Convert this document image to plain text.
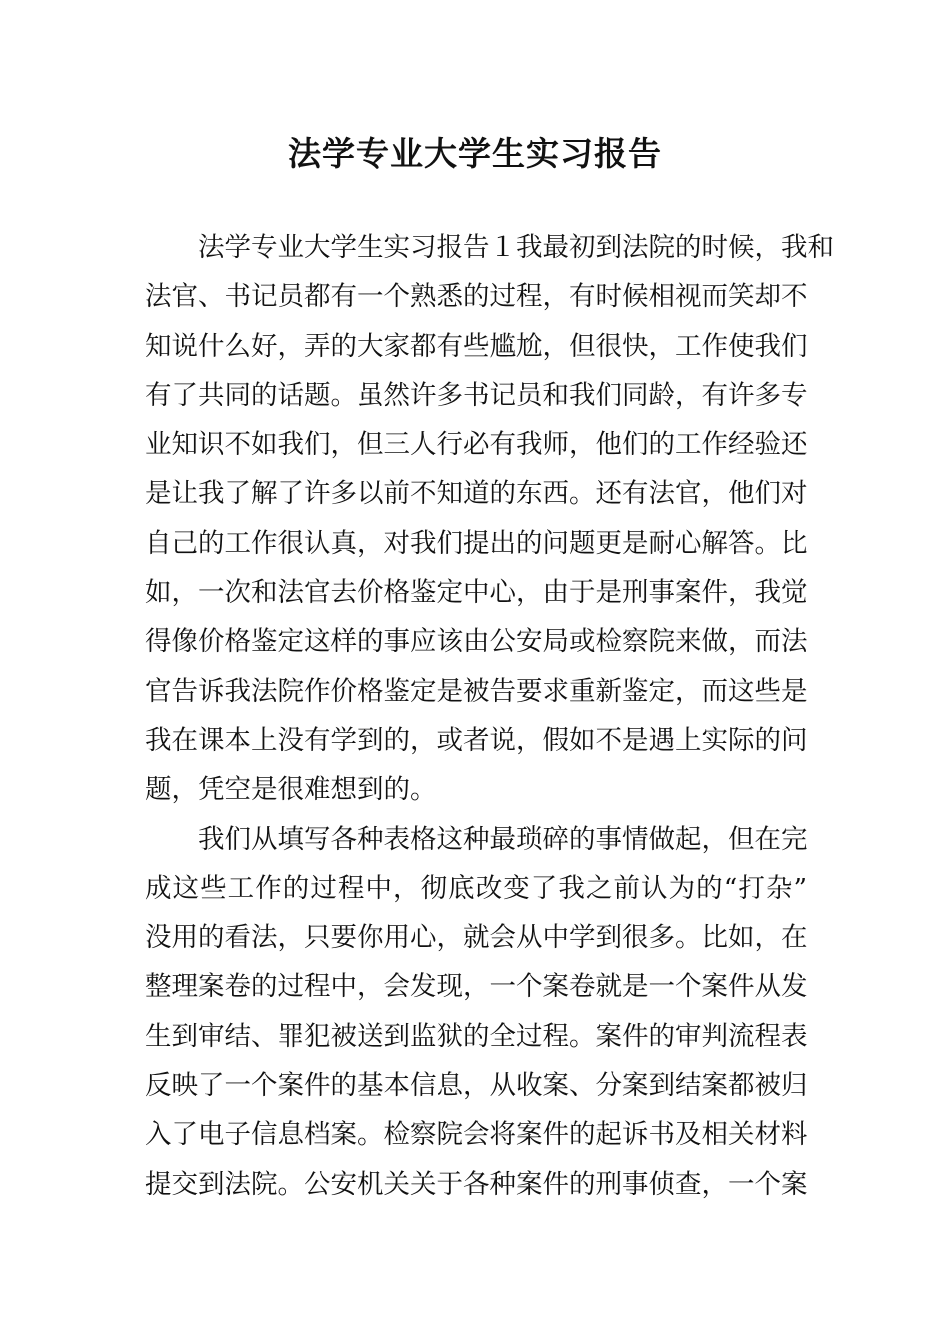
法学专业大学生实习报告
法学专业大学生实习报告１我最初到法院的时候，我和
法官、书记员都有一个熟悉的过程，有时候相视而笑却不
知说什么好，弄的大家都有些尴尬，但很快，工作使我们
有了共同的话题。虽然许多书记员和我们同龄，有许多专
业知识不如我们，但三人行必有我师，他们的工作经验还
是让我了解了许多以前不知道的东西。还有法官，他们对
自己的工作很认真，对我们提出的问题更是耐心解答。比
如，一次和法官去价格鉴定中心，由于是刑事案件，我觉
得像价格鉴定这样的事应该由公安局或检察院来做，而法
官告诉我法院作价格鉴定是被告要求重新鉴定，而这些是
我在课本上没有学到的，或者说，假如不是遇上实际的问
题，凭空是很难想到的。
我们从填写各种表格这种最琐碎的事情做起，但在完
成这些工作的过程中，彻底改变了我之前认为的“打杂”
没用的看法，只要你用心，就会从中学到很多。比如，在
整理案卷的过程中，会发现，一个案卷就是一个案件从发
生到审结、罪犯被送到监狱的全过程。案件的审判流程表
反映了一个案件的基本信息，从收案、分案到结案都被归
入了电子信息档案。检察院会将案件的起诉书及相关材料
提交到法院。公安机关关于各种案件的刑事侦查，一个案
